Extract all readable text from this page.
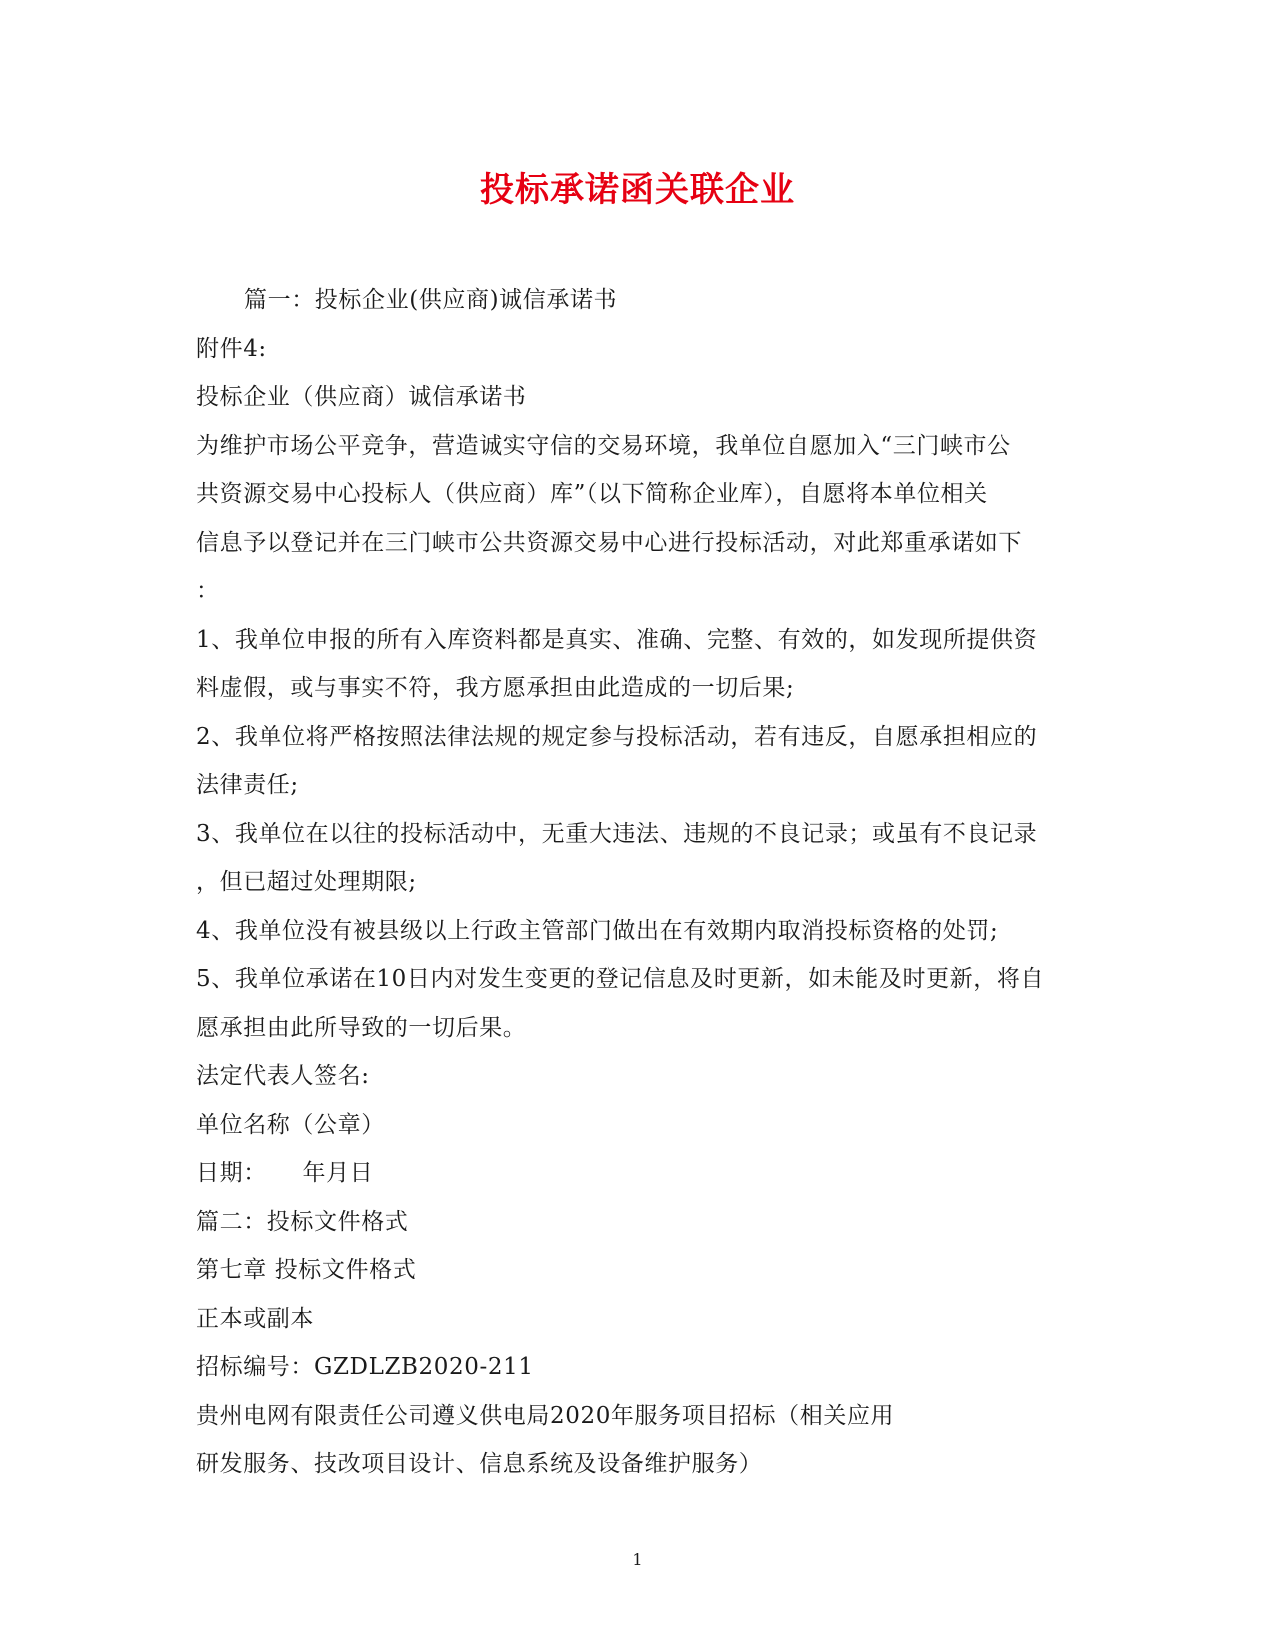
投标承诺函关联企业
篇一：投标企业(供应商)诚信承诺书
附件4:
投标企业（供应商）诚信承诺书
为维护市场公平竞争，营造诚实守信的交易环境，我单位自愿加入“三门峡市公
共资源交易中心投标人（供应商）库”（以下简称企业库），自愿将本单位相关
信息予以登记并在三门峡市公共资源交易中心进行投标活动，对此郑重承诺如下
：
1、我单位申报的所有入库资料都是真实、准确、完整、有效的，如发现所提供资
料虚假，或与事实不符，我方愿承担由此造成的一切后果;
2、我单位将严格按照法律法规的规定参与投标活动，若有违反，自愿承担相应的
法律责任;
3、我单位在以往的投标活动中，无重大违法、违规的不良记录；或虽有不良记录
，但已超过处理期限;
4、我单位没有被县级以上行政主管部门做出在有效期内取消投标资格的处罚;
5、我单位承诺在10日内对发生变更的登记信息及时更新，如未能及时更新，将自
愿承担由此所导致的一切后果。
法定代表人签名:
单位名称（公章）
日期：　　年月日
篇二：投标文件格式
第七章 投标文件格式
正本或副本
招标编号：GZDLZB2020-211
贵州电网有限责任公司遵义供电局2020年服务项目招标（相关应用
研发服务、技改项目设计、信息系统及设备维护服务）
1
